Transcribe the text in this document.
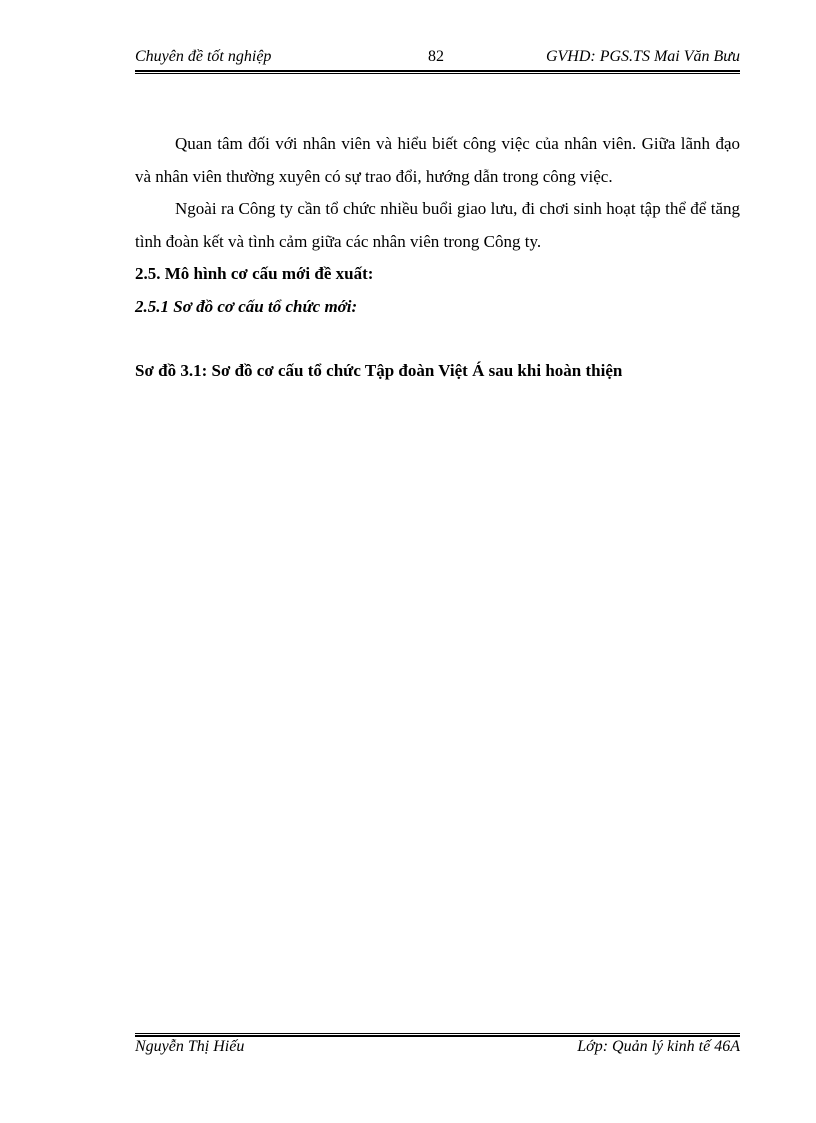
Chuyên đề tốt nghiệp	82	GVHD: PGS.TS Mai Văn Bưu

Quan tâm đối với nhân viên và hiểu biết công việc của nhân viên. Giữa lãnh đạo và nhân viên thường xuyên có sự trao đổi, hướng dẫn trong công việc.

Ngoài ra Công ty cần tổ chức nhiều buổi giao lưu, đi chơi sinh hoạt tập thể để tăng tình đoàn kết và tình cảm giữa các nhân viên trong Công ty.

2.5. Mô hình cơ cấu mới đề xuất:

2.5.1 Sơ đồ cơ cấu tổ chức mới:

Sơ đồ 3.1: Sơ đồ cơ cấu tổ chức Tập đoàn Việt Á sau khi hoàn thiện

Nguyễn Thị Hiếu	Lớp: Quản lý kinh tế 46A
